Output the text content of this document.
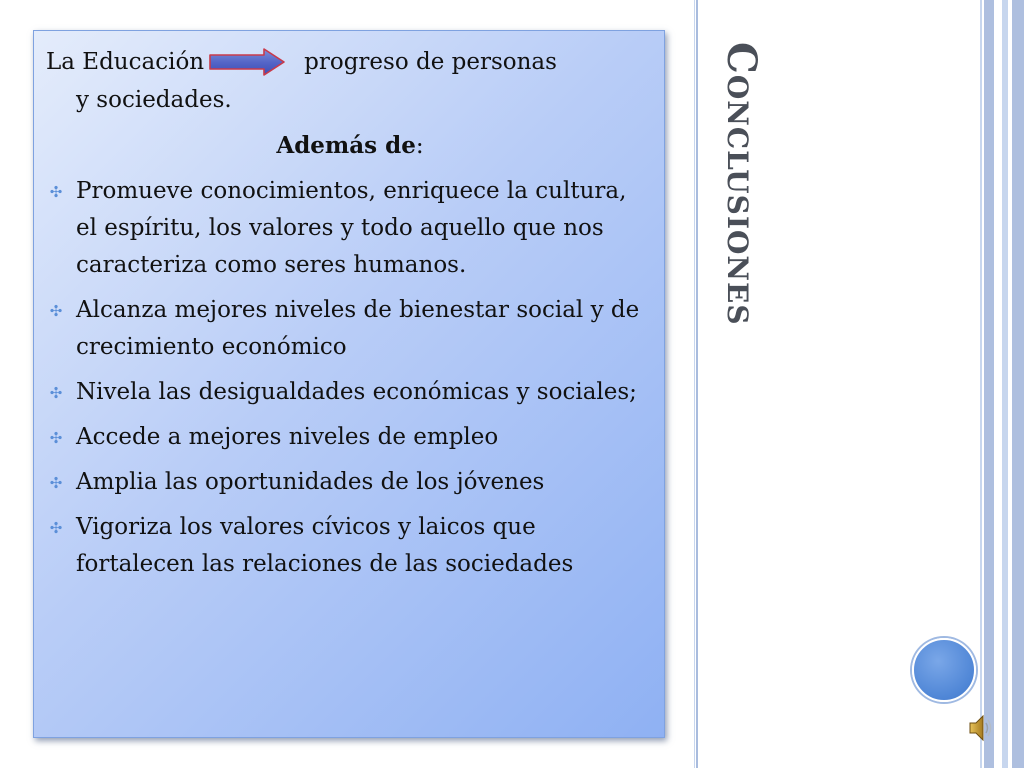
La Educación	progreso de personas
y sociedades.
Además de:
✣ Promueve conocimientos, enriquece la cultura, el espíritu, los valores y todo aquello que nos caracteriza como seres humanos.
✣ Alcanza mejores niveles de bienestar social y de crecimiento económico
✣ Nivela las desigualdades económicas y sociales;
✣ Accede a mejores niveles de empleo
✣ Amplia las oportunidades de los jóvenes
✣ Vigoriza los valores cívicos y laicos que fortalecen las relaciones de las sociedades
Conclusiones
